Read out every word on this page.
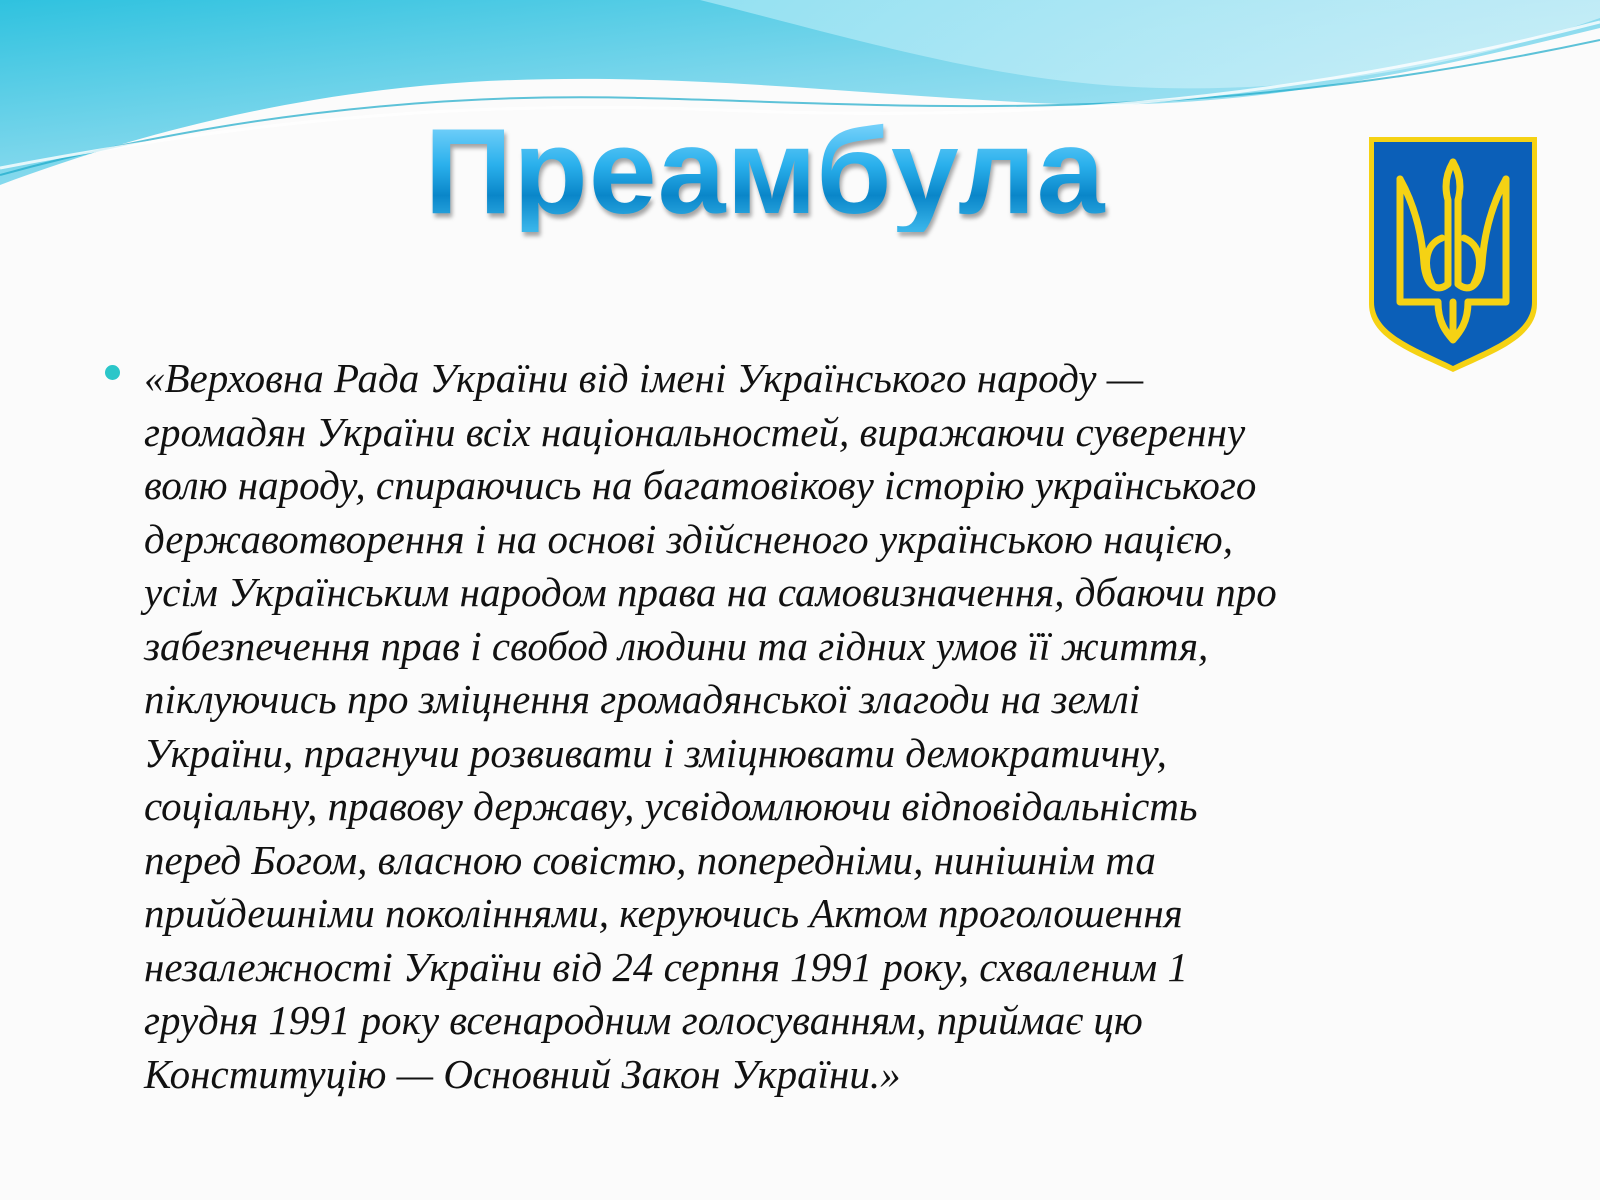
Преамбула
«Верховна Рада України від імені Українського народу —
громадян України всіх національностей, виражаючи суверенну
волю народу, спираючись на багатовікову історію українського
державотворення і на основі здійсненого українською нацією,
усім Українським народом права на самовизначення, дбаючи про
забезпечення прав і свобод людини та гідних умов її життя,
піклуючись про зміцнення громадянської злагоди на землі
України, прагнучи розвивати і зміцнювати демократичну,
соціальну, правову державу, усвідомлюючи відповідальність
перед Богом, власною совістю, попередніми, нинішнім та
прийдешніми поколіннями, керуючись Актом проголошення
незалежності України від 24 серпня 1991 року, схваленим 1
грудня 1991 року всенародним голосуванням, приймає цю
Конституцію — Основний Закон України.»
